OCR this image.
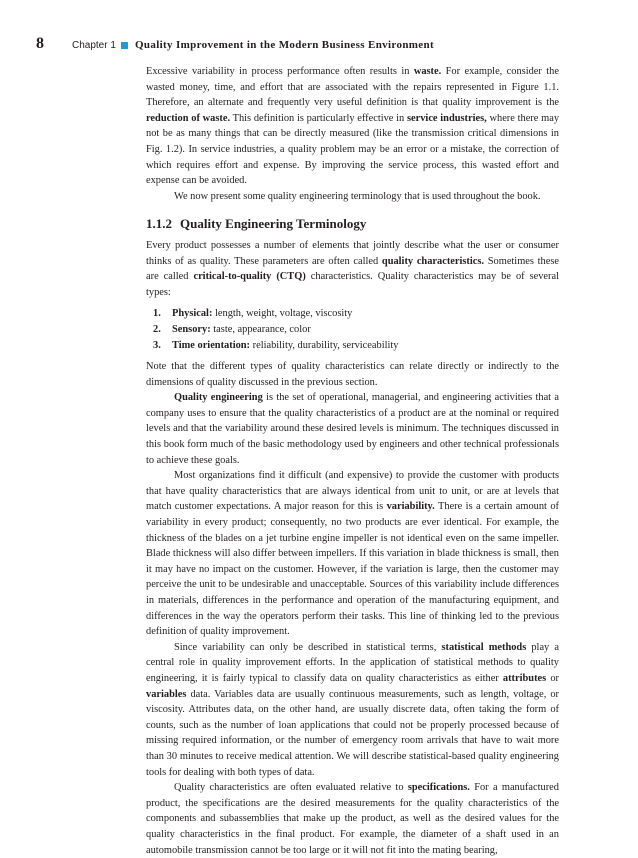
8	Chapter 1 Quality Improvement in the Modern Business Environment

Excessive variability in process performance often results in waste. For example, consider the wasted money, time, and effort that are associated with the repairs represented in Figure 1.1. Therefore, an alternate and frequently very useful definition is that quality improvement is the reduction of waste. This definition is particularly effective in service industries, where there may not be as many things that can be directly measured (like the transmission critical dimensions in Fig. 1.2). In service industries, a quality problem may be an error or a mistake, the correction of which requires effort and expense. By improving the service process, this wasted effort and expense can be avoided.

We now present some quality engineering terminology that is used throughout the book.

1.1.2 Quality Engineering Terminology

Every product possesses a number of elements that jointly describe what the user or consumer thinks of as quality. These parameters are often called quality characteristics. Sometimes these are called critical-to-quality (CTQ) characteristics. Quality characteristics may be of several types:

1. Physical: length, weight, voltage, viscosity
2. Sensory: taste, appearance, color
3. Time orientation: reliability, durability, serviceability

Note that the different types of quality characteristics can relate directly or indirectly to the dimensions of quality discussed in the previous section.

Quality engineering is the set of operational, managerial, and engineering activities that a company uses to ensure that the quality characteristics of a product are at the nominal or required levels and that the variability around these desired levels is minimum. The techniques discussed in this book form much of the basic methodology used by engineers and other technical professionals to achieve these goals.

Most organizations find it difficult (and expensive) to provide the customer with products that have quality characteristics that are always identical from unit to unit, or are at levels that match customer expectations. A major reason for this is variability. There is a certain amount of variability in every product; consequently, no two products are ever identical. For example, the thickness of the blades on a jet turbine engine impeller is not identical even on the same impeller. Blade thickness will also differ between impellers. If this variation in blade thickness is small, then it may have no impact on the customer. However, if the variation is large, then the customer may perceive the unit to be undesirable and unacceptable. Sources of this variability include differences in materials, differences in the performance and operation of the manufacturing equipment, and differences in the way the operators perform their tasks. This line of thinking led to the previous definition of quality improvement.

Since variability can only be described in statistical terms, statistical methods play a central role in quality improvement efforts. In the application of statistical methods to quality engineering, it is fairly typical to classify data on quality characteristics as either attributes or variables data. Variables data are usually continuous measurements, such as length, voltage, or viscosity. Attributes data, on the other hand, are usually discrete data, often taking the form of counts, such as the number of loan applications that could not be properly processed because of missing required information, or the number of emergency room arrivals that have to wait more than 30 minutes to receive medical attention. We will describe statistical-based quality engineering tools for dealing with both types of data.

Quality characteristics are often evaluated relative to specifications. For a manufactured product, the specifications are the desired measurements for the quality characteristics of the components and subassemblies that make up the product, as well as the desired values for the quality characteristics in the final product. For example, the diameter of a shaft used in an automobile transmission cannot be too large or it will not fit into the mating bearing,
